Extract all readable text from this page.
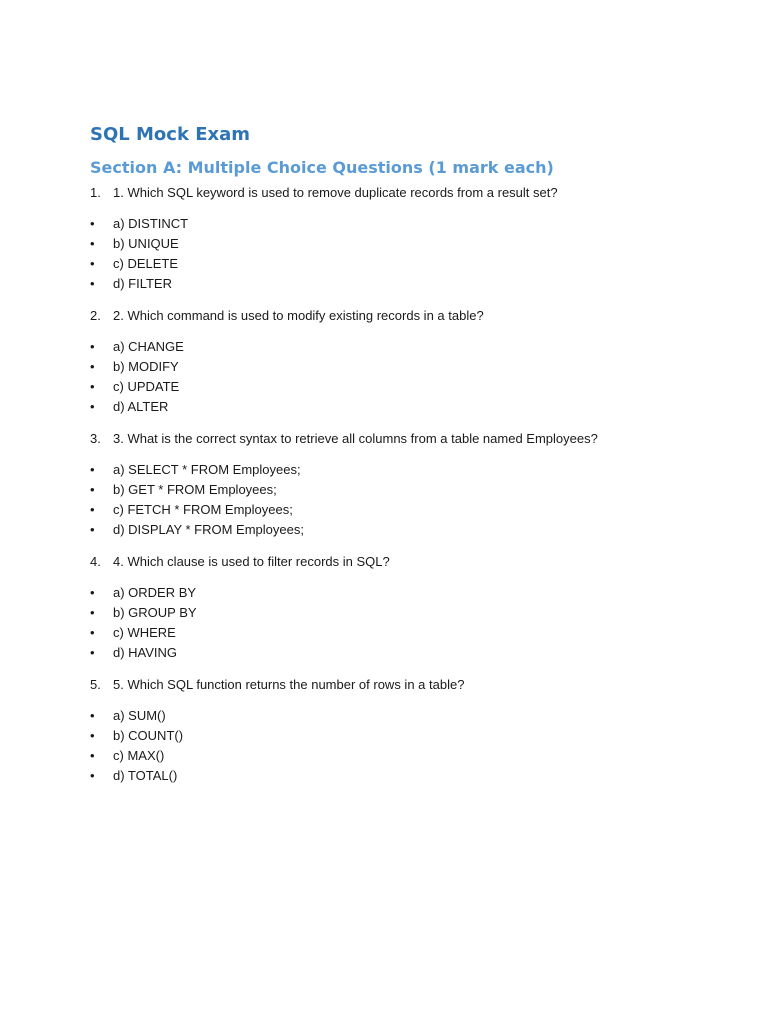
SQL Mock Exam
Section A: Multiple Choice Questions (1 mark each)
1. 1. Which SQL keyword is used to remove duplicate records from a result set?
•	a) DISTINCT
•	b) UNIQUE
•	c) DELETE
•	d) FILTER
2. 2. Which command is used to modify existing records in a table?
•	a) CHANGE
•	b) MODIFY
•	c) UPDATE
•	d) ALTER
3. 3. What is the correct syntax to retrieve all columns from a table named Employees?
•	a) SELECT * FROM Employees;
•	b) GET * FROM Employees;
•	c) FETCH * FROM Employees;
•	d) DISPLAY * FROM Employees;
4. 4. Which clause is used to filter records in SQL?
•	a) ORDER BY
•	b) GROUP BY
•	c) WHERE
•	d) HAVING
5. 5. Which SQL function returns the number of rows in a table?
•	a) SUM()
•	b) COUNT()
•	c) MAX()
•	d) TOTAL()
